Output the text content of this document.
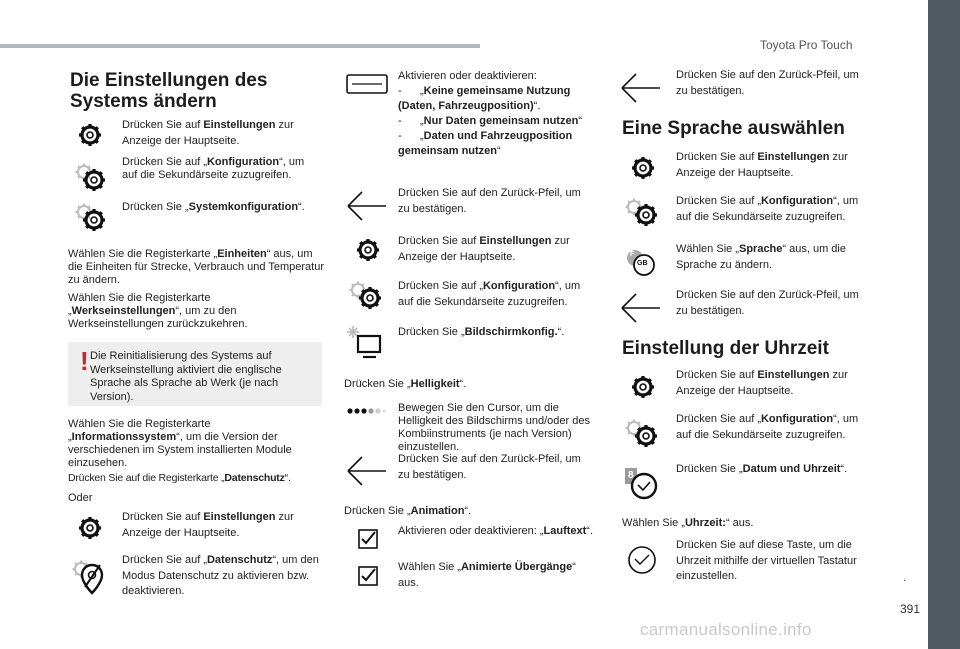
Toyota Pro Touch
.
391
carmanualsonline.info
Die Einstellungen des
Systems ändern
Drücken Sie auf Einstellungen zur Anzeige der Hauptseite.
Drücken Sie auf „Konfiguration“, um auf die Sekundärseite zuzugreifen.
Drücken Sie „Systemkonfiguration“.
Wählen Sie die Registerkarte „Einheiten“ aus, um die Einheiten für Strecke, Verbrauch und Temperatur zu ändern.
Wählen Sie die Registerkarte „Werkseinstellungen“, um zu den Werkseinstellungen zurückzukehren.
! Die Reinitialisierung des Systems auf Werkseinstellung aktiviert die englische Sprache als Sprache ab Werk (je nach Version).
Wählen Sie die Registerkarte „Informationssystem“, um die Version der verschiedenen im System installierten Module einzusehen.
Drücken Sie auf die Registerkarte „Datenschutz“.
Oder
Drücken Sie auf Einstellungen zur Anzeige der Hauptseite.
Drücken Sie auf „Datenschutz“, um den Modus Datenschutz zu aktivieren bzw. deaktivieren.
Aktivieren oder deaktivieren:
- „Keine gemeinsame Nutzung (Daten, Fahrzeugposition)“.
- „Nur Daten gemeinsam nutzen“
- „Daten und Fahrzeugposition gemeinsam nutzen“
Drücken Sie auf den Zurück-Pfeil, um zu bestätigen.
Drücken Sie auf Einstellungen zur Anzeige der Hauptseite.
Drücken Sie auf „Konfiguration“, um auf die Sekundärseite zuzugreifen.
Drücken Sie „Bildschirmkonfig.“.
Drücken Sie „Helligkeit“.
Bewegen Sie den Cursor, um die Helligkeit des Bildschirms und/oder des Kombiinstruments (je nach Version) einzustellen.
Drücken Sie auf den Zurück-Pfeil, um zu bestätigen.
Drücken Sie „Animation“.
Aktivieren oder deaktivieren: „Lauftext“.
Wählen Sie „Animierte Übergänge“ aus.
Drücken Sie auf den Zurück-Pfeil, um zu bestätigen.
Eine Sprache auswählen
Drücken Sie auf Einstellungen zur Anzeige der Hauptseite.
Drücken Sie auf „Konfiguration“, um auf die Sekundärseite zuzugreifen.
F
GB
Wählen Sie „Sprache“ aus, um die Sprache zu ändern.
Drücken Sie auf den Zurück-Pfeil, um zu bestätigen.
Einstellung der Uhrzeit
Drücken Sie auf Einstellungen zur Anzeige der Hauptseite.
Drücken Sie auf „Konfiguration“, um auf die Sekundärseite zuzugreifen.
8
Drücken Sie „Datum und Uhrzeit“.
Wählen Sie „Uhrzeit:“ aus.
Drücken Sie auf diese Taste, um die Uhrzeit mithilfe der virtuellen Tastatur einzustellen.
